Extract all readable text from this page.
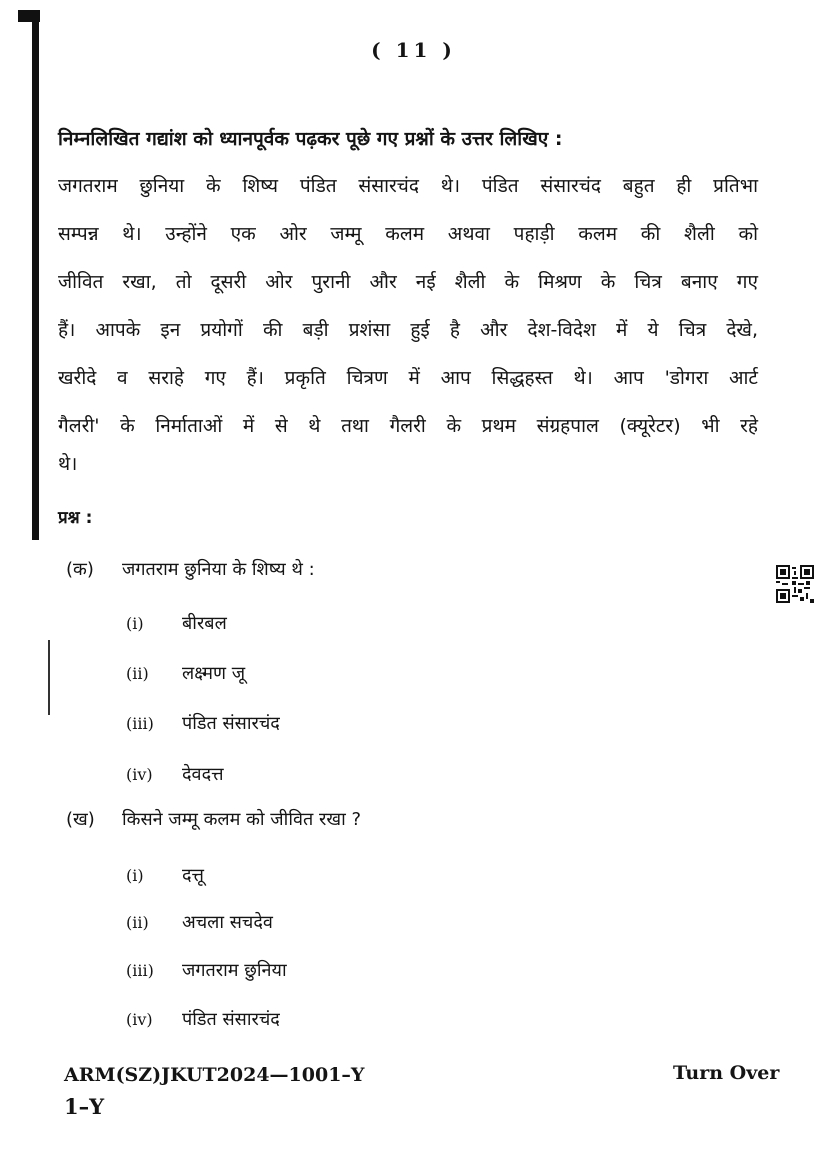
( 11 )
निम्नलिखित गद्यांश को ध्यानपूर्वक पढ़कर पूछे गए प्रश्नों के उत्तर लिखिए :
जगतराम छुनिया के शिष्य पंडित संसारचंद थे। पंडित संसारचंद बहुत ही प्रतिभा
सम्पन्न थे। उन्होंने एक ओर जम्मू कलम अथवा पहाड़ी कलम की शैली को
जीवित रखा, तो दूसरी ओर पुरानी और नई शैली के मिश्रण के चित्र बनाए गए
हैं। आपके इन प्रयोगों की बड़ी प्रशंसा हुई है और देश-विदेश में ये चित्र देखे,
खरीदे व सराहे गए हैं। प्रकृति चित्रण में आप सिद्धहस्त थे। आप 'डोगरा आर्ट
गैलरी' के निर्माताओं में से थे तथा गैलरी के प्रथम संग्रहपाल (क्यूरेटर) भी रहे
थे।
प्रश्न :
(क) जगतराम छुनिया के शिष्य थे :
(i) बीरबल
(ii) लक्ष्मण जू
(iii) पंडित संसारचंद
(iv) देवदत्त
(ख) किसने जम्मू कलम को जीवित रखा ?
(i) दत्तू
(ii) अचला सचदेव
(iii) जगतराम छुनिया
(iv) पंडित संसारचंद
ARM(SZ)JKUT2024—1001–Y
1–Y
Turn Over
